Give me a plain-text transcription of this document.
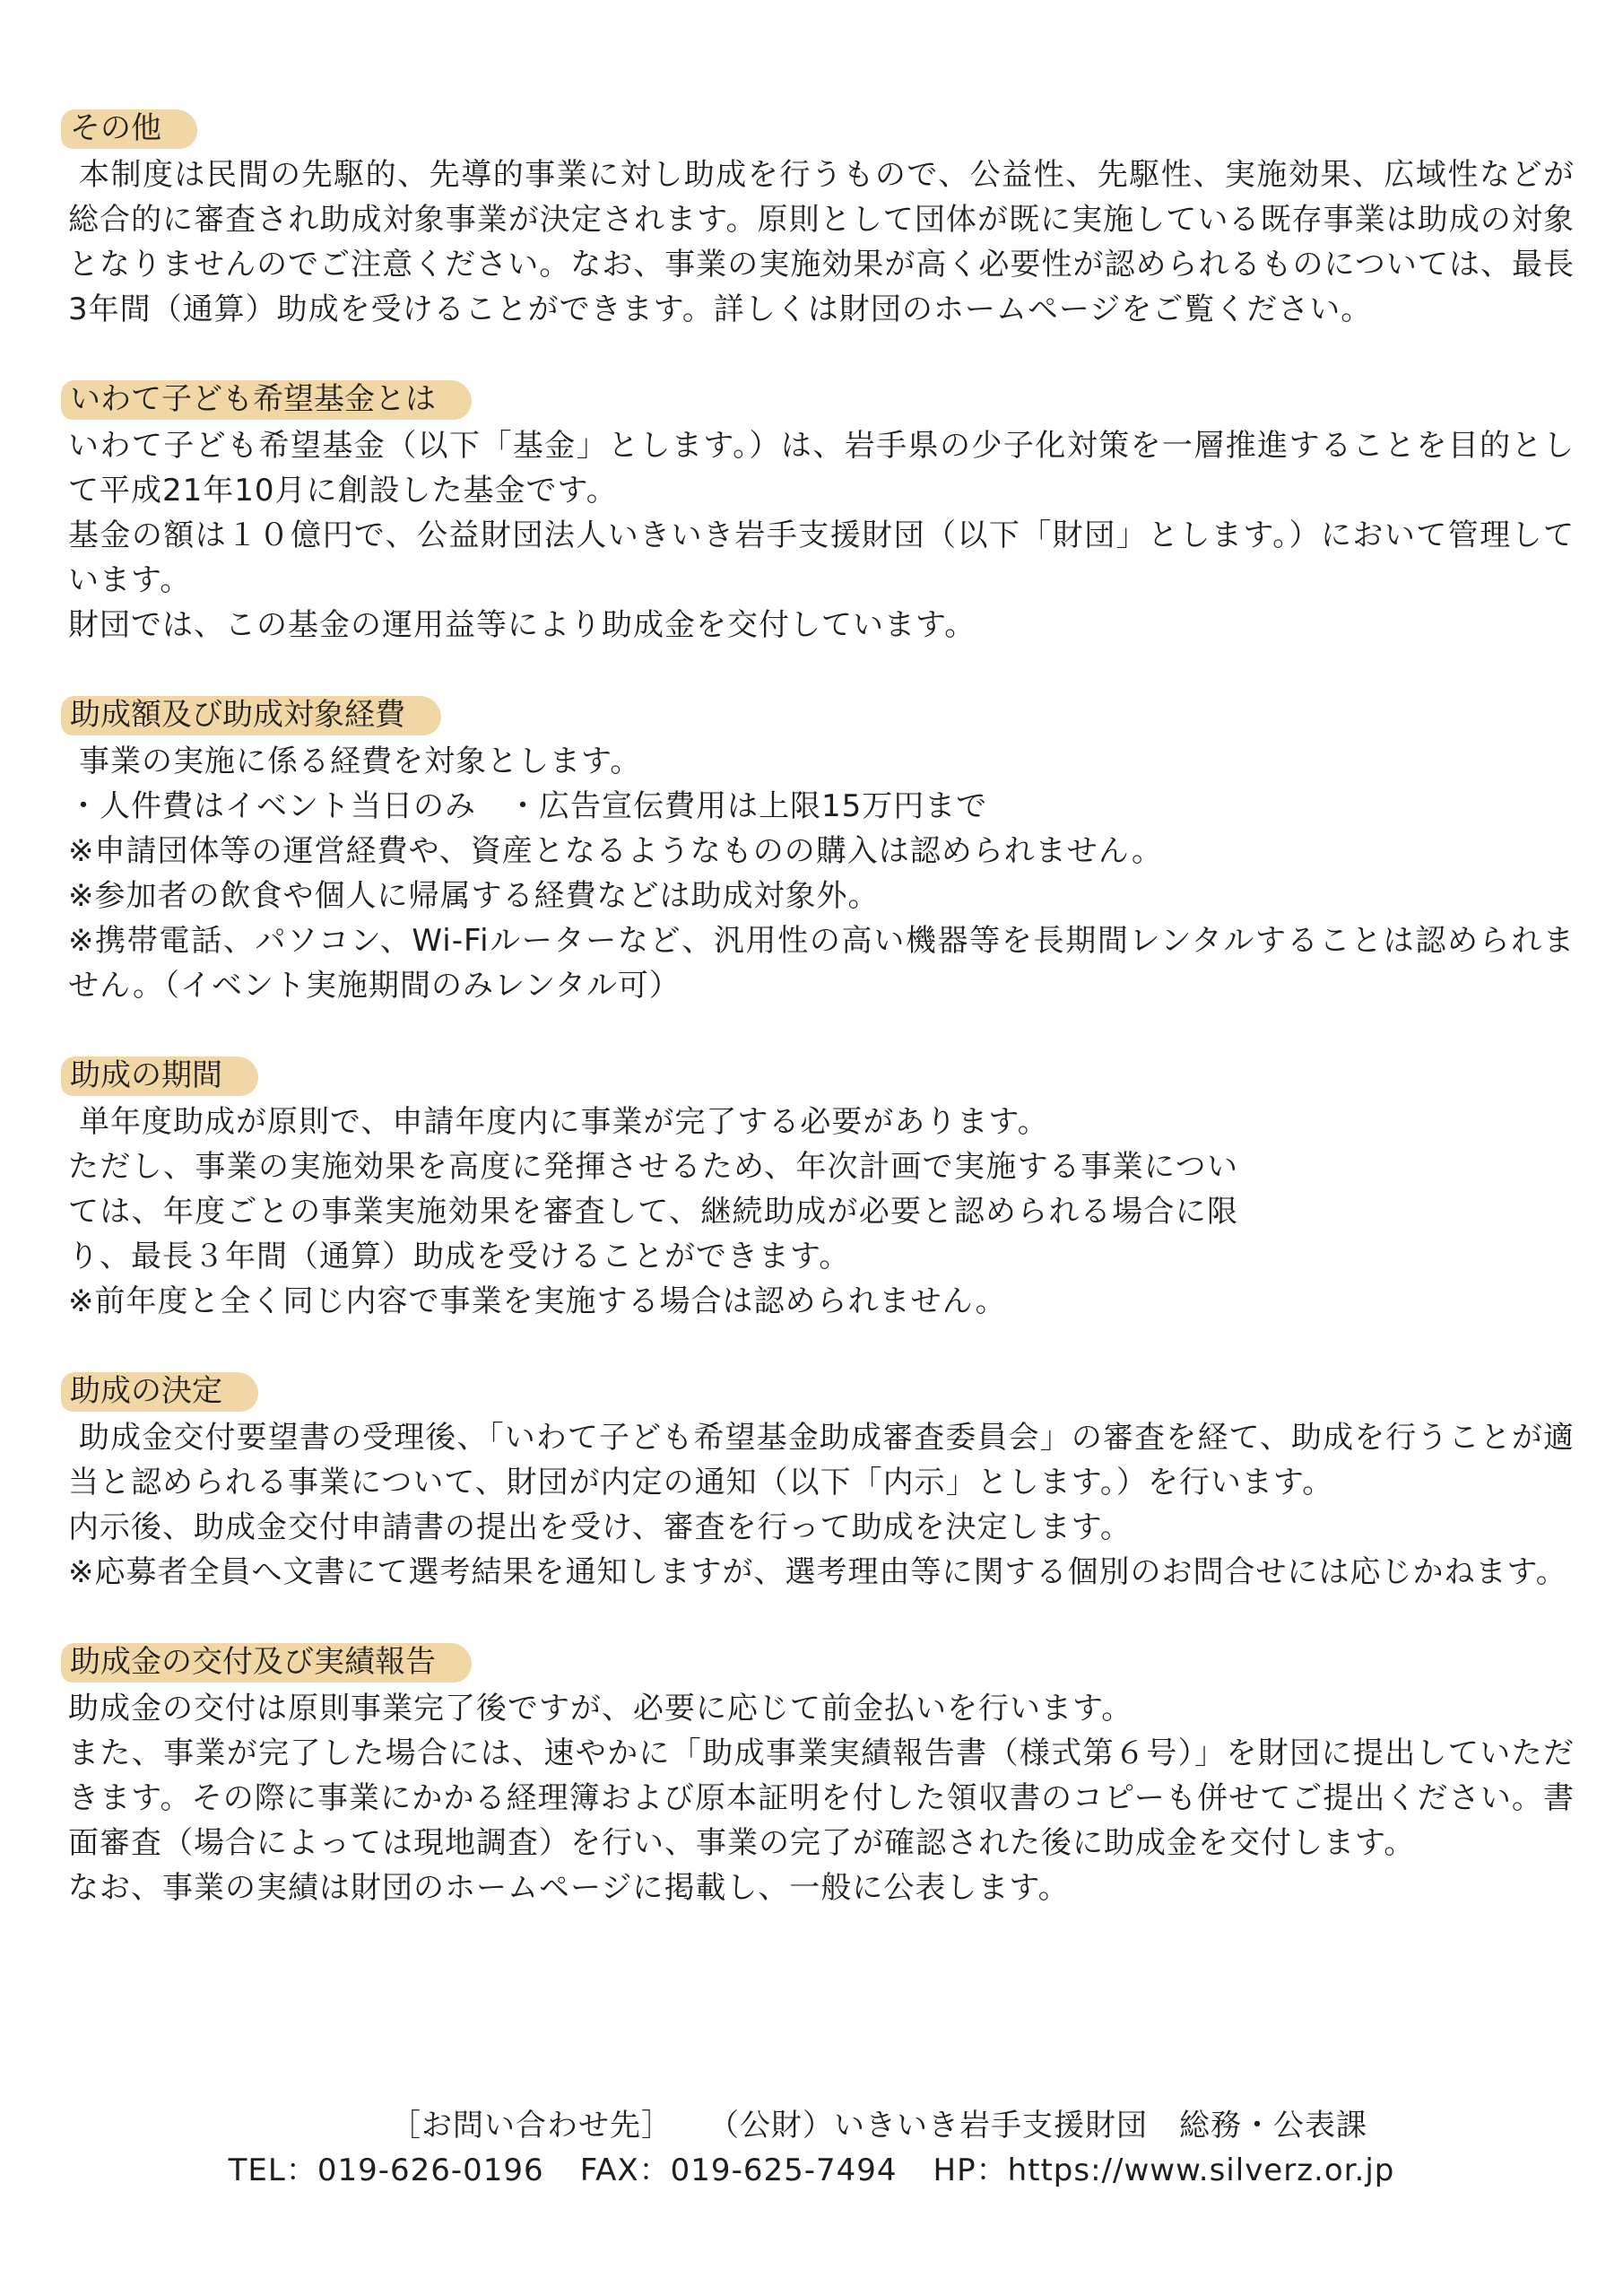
その他

本制度は民間の先駆的、先導的事業に対し助成を行うもので、公益性、先駆性、実施効果、広域性などが総合的に審査され助成対象事業が決定されます。原則として団体が既に実施している既存事業は助成の対象となりませんのでご注意ください。なお、事業の実施効果が高く必要性が認められるものについては、最長3年間（通算）助成を受けることができます。詳しくは財団のホームページをご覧ください。

いわて子ども希望基金とは

いわて子ども希望基金（以下「基金」とします。）は、岩手県の少子化対策を一層推進することを目的として平成21年10月に創設した基金です。

基金の額は１０億円で、公益財団法人いきいき岩手支援財団（以下「財団」とします。）において管理しています。

財団では、この基金の運用益等により助成金を交付しています。

助成額及び助成対象経費

事業の実施に係る経費を対象とします。

・人件費はイベント当日のみ　・広告宣伝費用は上限15万円まで

※申請団体等の運営経費や、資産となるようなものの購入は認められません。

※参加者の飲食や個人に帰属する経費などは助成対象外。

※携帯電話、パソコン、Wi-Fiルーターなど、汎用性の高い機器等を長期間レンタルすることは認められません。（イベント実施期間のみレンタル可）

助成の期間

単年度助成が原則で、申請年度内に事業が完了する必要があります。

ただし、事業の実施効果を高度に発揮させるため、年次計画で実施する事業については、年度ごとの事業実施効果を審査して、継続助成が必要と認められる場合に限り、最長３年間（通算）助成を受けることができます。

※前年度と全く同じ内容で事業を実施する場合は認められません。

助成の決定

助成金交付要望書の受理後、「いわて子ども希望基金助成審査委員会」の審査を経て、助成を行うことが適当と認められる事業について、財団が内定の通知（以下「内示」とします。）を行います。

内示後、助成金交付申請書の提出を受け、審査を行って助成を決定します。

※応募者全員へ文書にて選考結果を通知しますが、選考理由等に関する個別のお問合せには応じかねます。

助成金の交付及び実績報告

助成金の交付は原則事業完了後ですが、必要に応じて前金払いを行います。

また、事業が完了した場合には、速やかに「助成事業実績報告書（様式第６号）」を財団に提出していただきます。その際に事業にかかる経理簿および原本証明を付した領収書のコピーも併せてご提出ください。書面審査（場合によっては現地調査）を行い、事業の完了が確認された後に助成金を交付します。

なお、事業の実績は財団のホームページに掲載し、一般に公表します。

［お問い合わせ先］ （公財）いきいき岩手支援財団　総務・公表課
TEL：019-626-0196 FAX：019-625-7494 HP：https://www.silverz.or.jp
